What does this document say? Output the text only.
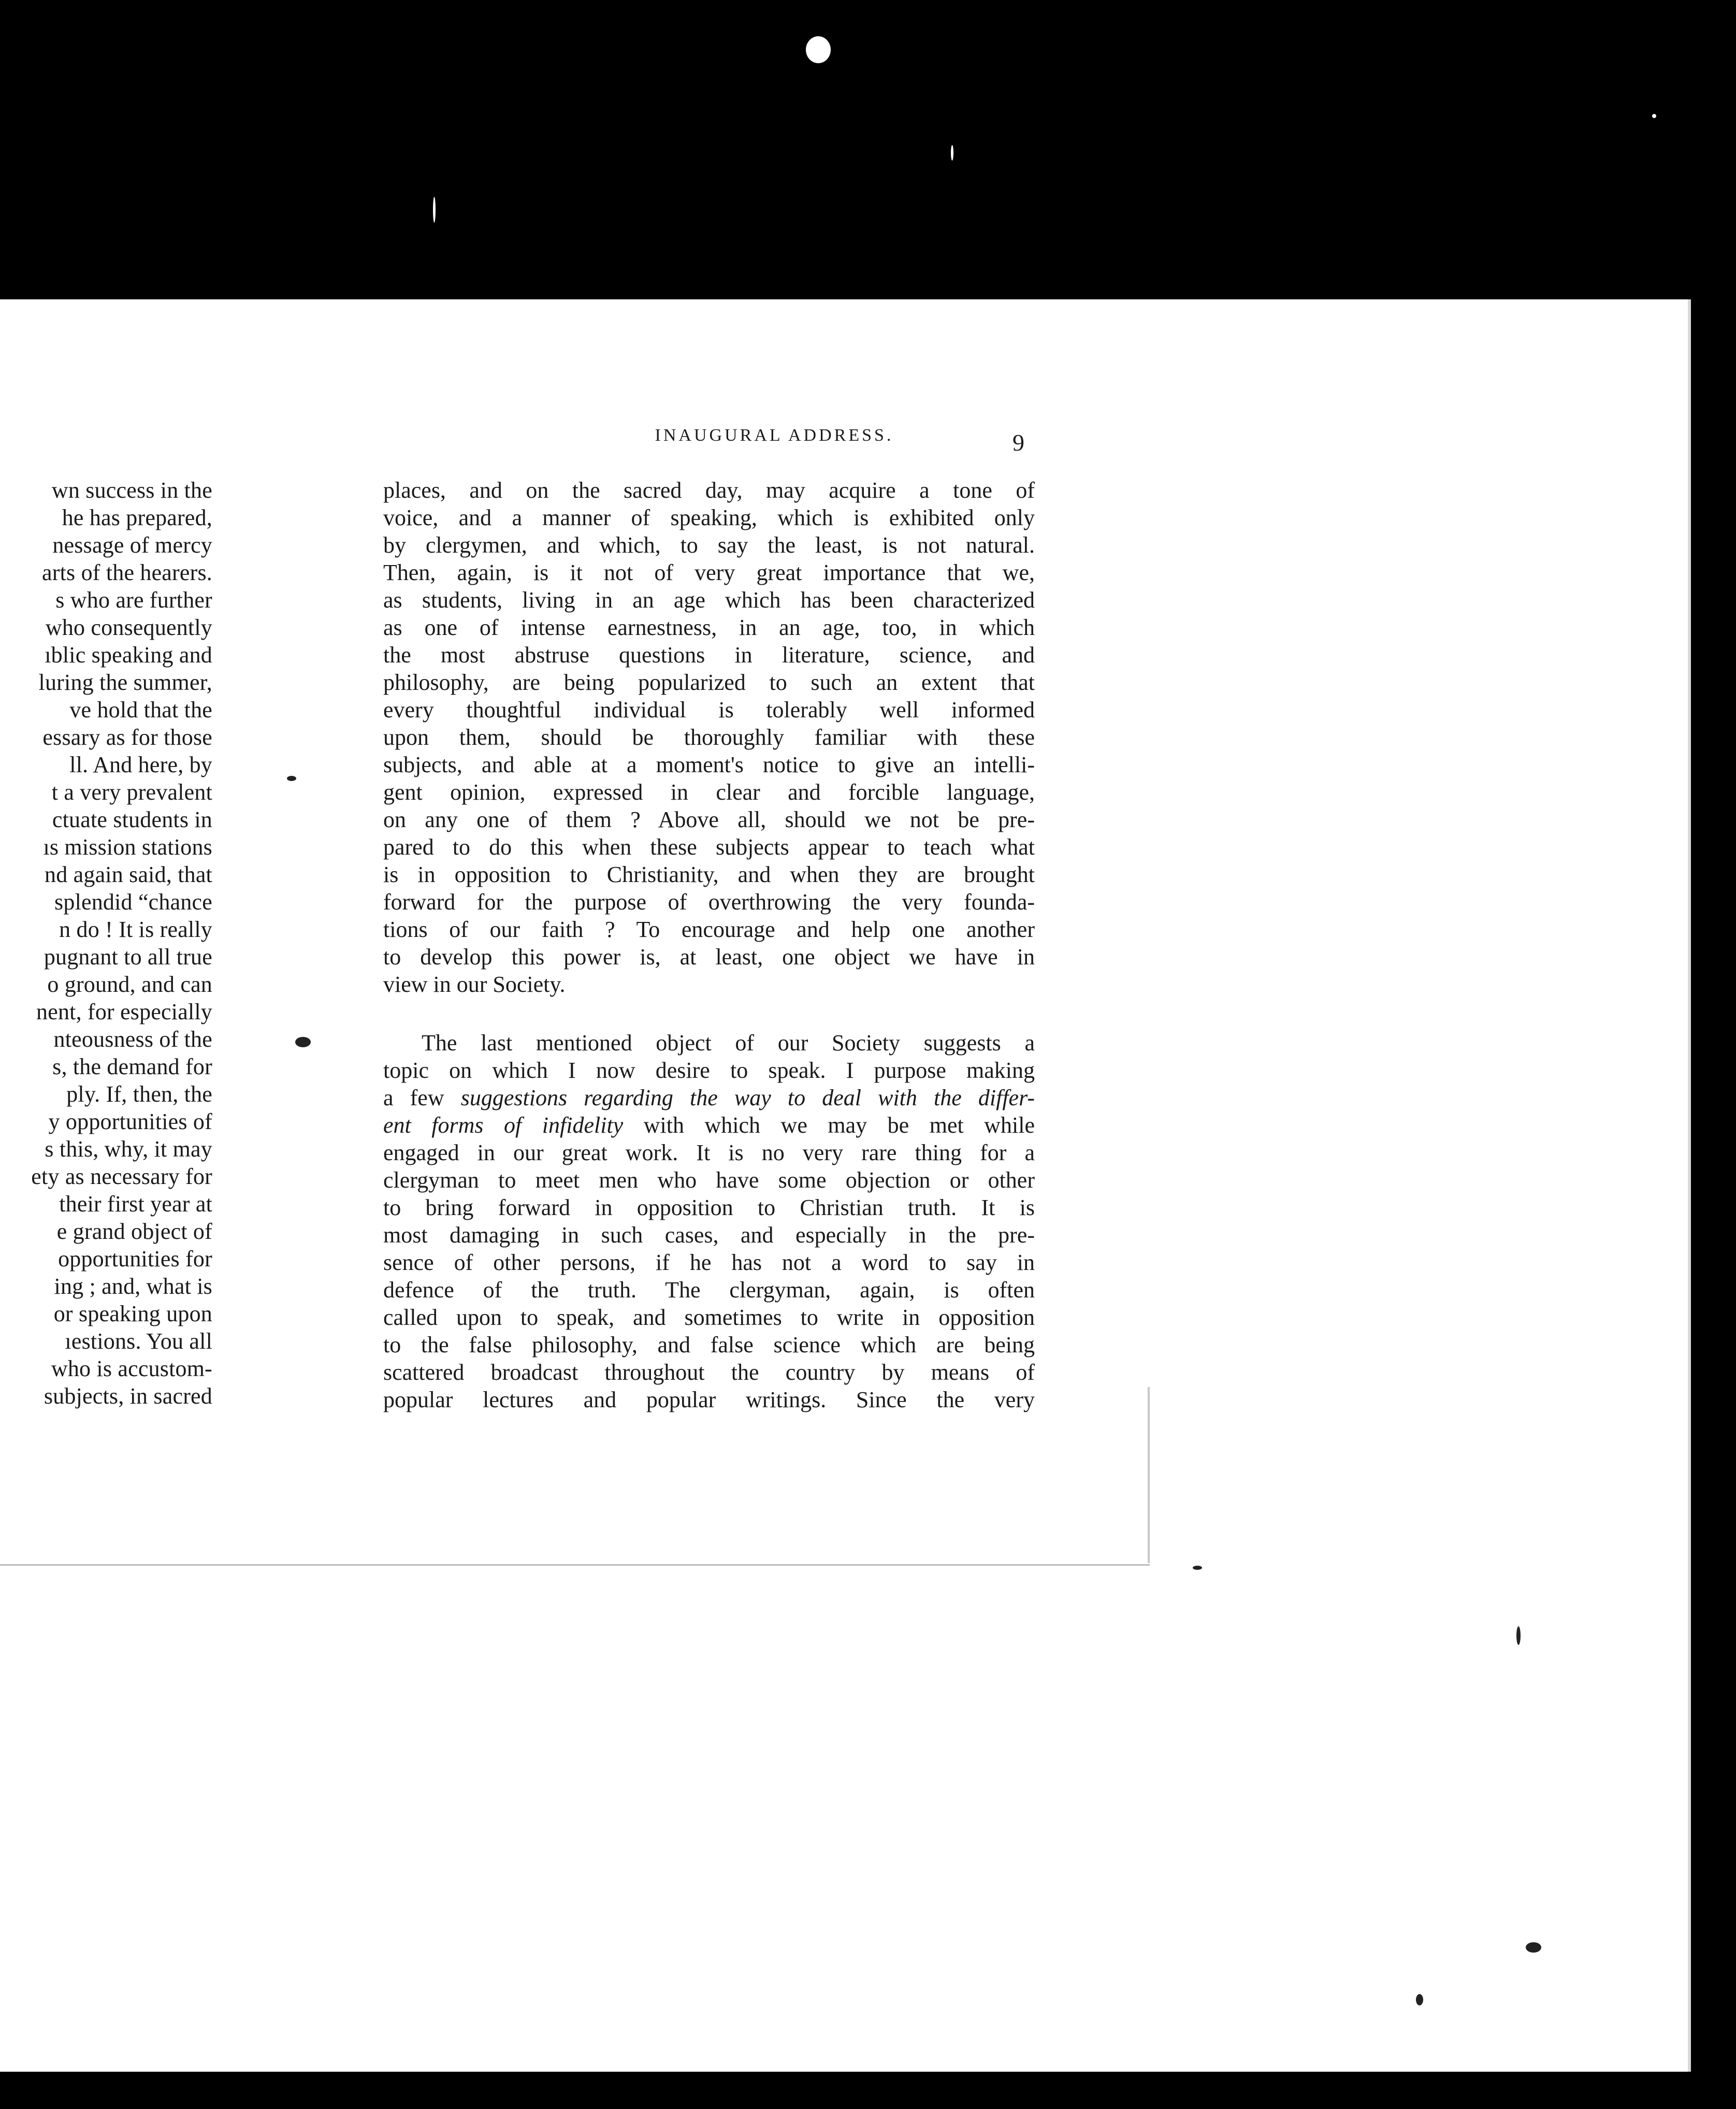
wn success in the
he has prepared,
nessage of mercy
arts of the hearers.
s who are further
who consequently
ıblic speaking and
luring the summer,
ve hold that the
essary as for those
ll. And here, by
t a very prevalent
ctuate students in
ıs mission stations
nd again said, that
splendid “chance
n do ! It is really
pugnant to all true
o ground, and can
nent, for especially
nteousness of the
s, the demand for
ply. If, then, the
y opportunities of
s this, why, it may
ety as necessary for
their first year at
e grand object of
opportunities for
ing ; and, what is
or speaking upon
ıestions. You all
who is accustom-
subjects, in sacred
INAUGURAL ADDRESS.	9
places, and on the sacred day, may acquire a tone of
voice, and a manner of speaking, which is exhibited only
by clergymen, and which, to say the least, is not natural.
Then, again, is it not of very great importance that we,
as students, living in an age which has been characterized
as one of intense earnestness, in an age, too, in which
the most abstruse questions in literature, science, and
philosophy, are being popularized to such an extent that
every thoughtful individual is tolerably well informed
upon them, should be thoroughly familiar with these
subjects, and able at a moment's notice to give an intelli-
gent opinion, expressed in clear and forcible language,
on any one of them ? Above all, should we not be pre-
pared to do this when these subjects appear to teach what
is in opposition to Christianity, and when they are brought
forward for the purpose of overthrowing the very founda-
tions of our faith ? To encourage and help one another
to develop this power is, at least, one object we have in
view in our Society.
The last mentioned object of our Society suggests a
topic on which I now desire to speak. I purpose making
a few suggestions regarding the way to deal with the differ-
ent forms of infidelity with which we may be met while
engaged in our great work. It is no very rare thing for a
clergyman to meet men who have some objection or other
to bring forward in opposition to Christian truth. It is
most damaging in such cases, and especially in the pre-
sence of other persons, if he has not a word to say in
defence of the truth. The clergyman, again, is often
called upon to speak, and sometimes to write in opposition
to the false philosophy, and false science which are being
scattered broadcast throughout the country by means of
popular lectures and popular writings. Since the very
